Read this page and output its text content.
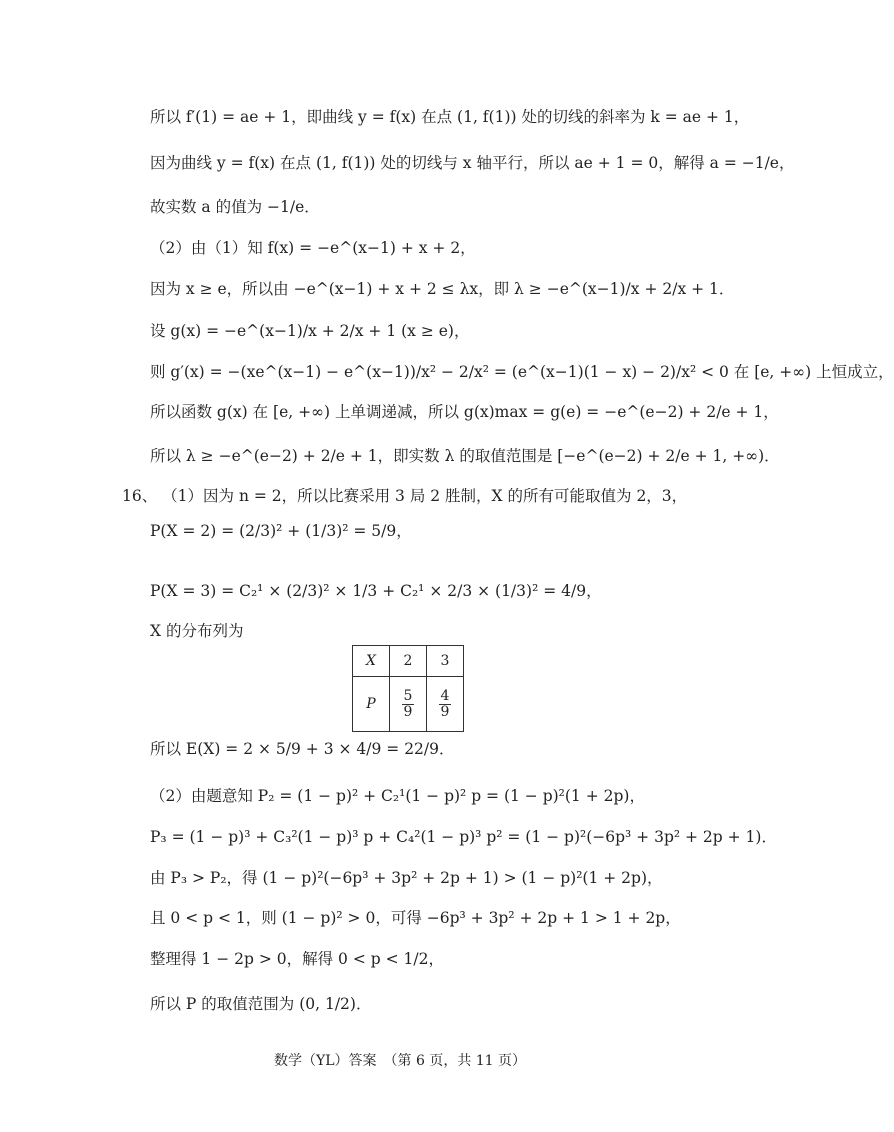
所以 f′(1) = ae + 1，即曲线 y = f(x) 在点 (1, f(1)) 处的切线的斜率为 k = ae + 1，
因为曲线 y = f(x) 在点 (1, f(1)) 处的切线与 x 轴平行，所以 ae + 1 = 0，解得 a = −1/e，
故实数 a 的值为 −1/e．
（2）由（1）知 f(x) = −e^(x−1) + x + 2，
因为 x ≥ e，所以由 −e^(x−1) + x + 2 ≤ λx，即 λ ≥ −e^(x−1)/x + 2/x + 1．
设 g(x) = −e^(x−1)/x + 2/x + 1 (x ≥ e)，
则 g′(x) = −(xe^(x−1) − e^(x−1))/x² − 2/x² = (e^(x−1)(1 − x) − 2)/x² < 0 在 [e, +∞) 上恒成立，
所以函数 g(x) 在 [e, +∞) 上单调递减，所以 g(x)max = g(e) = −e^(e−2) + 2/e + 1，
所以 λ ≥ −e^(e−2) + 2/e + 1，即实数 λ 的取值范围是 [−e^(e−2) + 2/e + 1, +∞)．
16、 （1）因为 n = 2，所以比赛采用 3 局 2 胜制，X 的所有可能取值为 2，3，
P(X = 2) = (2/3)² + (1/3)² = 5/9，
P(X = 3) = C₂¹ × (2/3)² × 1/3 + C₂¹ × 2/3 × (1/3)² = 4/9，
X 的分布列为
X	2	3
P	$\frac{5}{9}$	$\frac{4}{9}$
所以 E(X) = 2 × 5/9 + 3 × 4/9 = 22/9．
（2）由题意知 P₂ = (1 − p)² + C₂¹(1 − p)² p = (1 − p)²(1 + 2p)，
P₃ = (1 − p)³ + C₃²(1 − p)³ p + C₄²(1 − p)³ p² = (1 − p)²(−6p³ + 3p² + 2p + 1)．
由 P₃ > P₂，得 (1 − p)²(−6p³ + 3p² + 2p + 1) > (1 − p)²(1 + 2p)，
且 0 < p < 1，则 (1 − p)² > 0，可得 −6p³ + 3p² + 2p + 1 > 1 + 2p，
整理得 1 − 2p > 0，解得 0 < p < 1/2，
所以 P 的取值范围为 (0, 1/2)．
数学（YL）答案　（第 6 页，共 11 页）
